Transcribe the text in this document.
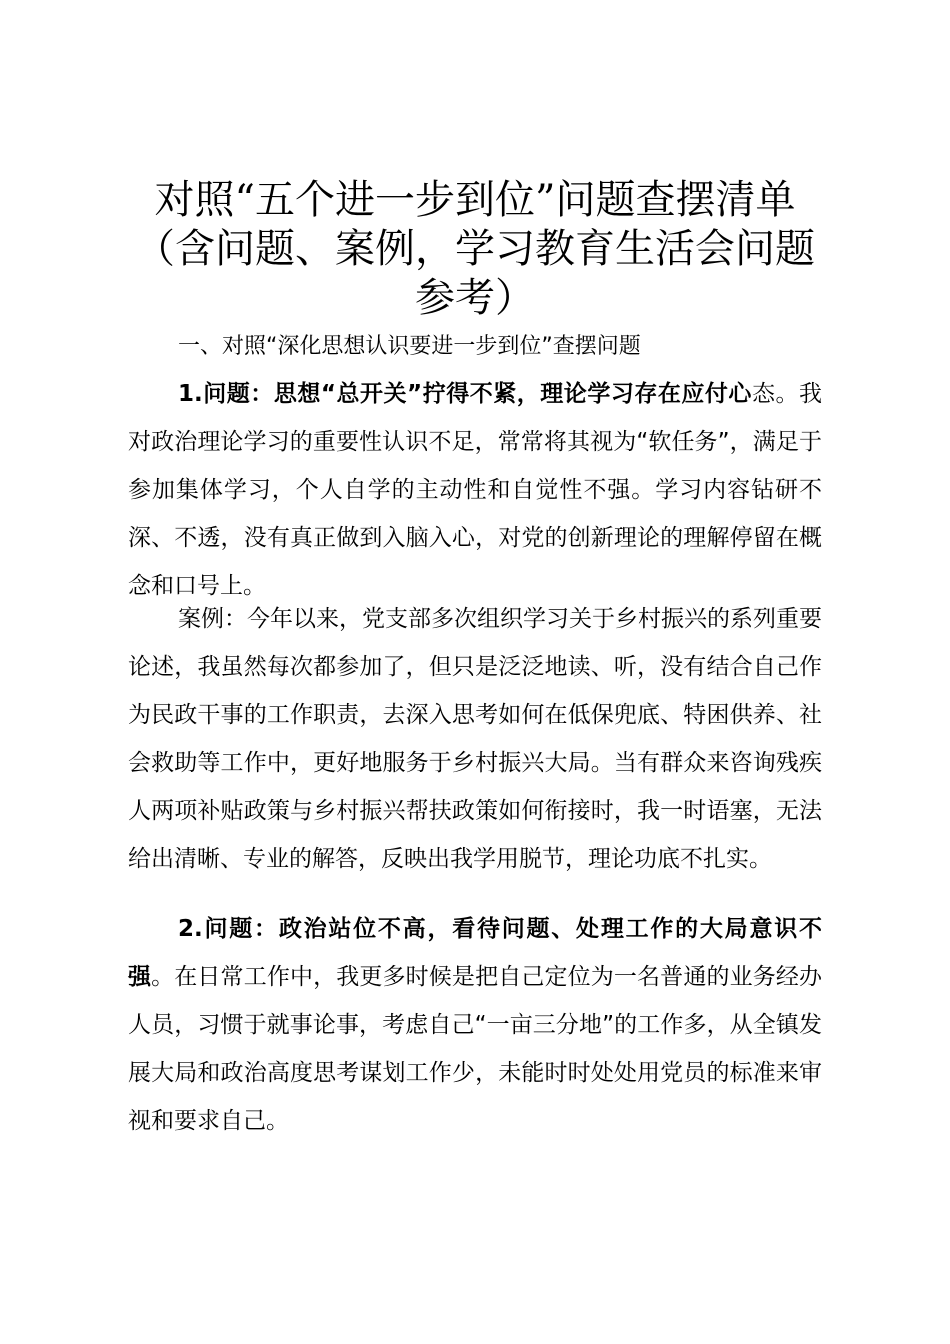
对照“五个进一步到位”问题查摆清单
（含问题、案例，学习教育生活会问题
参考）
一、对照“深化思想认识要进一步到位”查摆问题

1.问题：思想“总开关”拧得不紧，理论学习存在应付心态。我对政治理论学习的重要性认识不足，常常将其视为“软任务”，满足于参加集体学习，个人自学的主动性和自觉性不强。学习内容钻研不深、不透，没有真正做到入脑入心，对党的创新理论的理解停留在概念和口号上。

案例：今年以来，党支部多次组织学习关于乡村振兴的系列重要论述，我虽然每次都参加了，但只是泛泛地读、听，没有结合自己作为民政干事的工作职责，去深入思考如何在低保兜底、特困供养、社会救助等工作中，更好地服务于乡村振兴大局。当有群众来咨询残疾人两项补贴政策与乡村振兴帮扶政策如何衔接时，我一时语塞，无法给出清晰、专业的解答，反映出我学用脱节，理论功底不扎实。

2.问题：政治站位不高，看待问题、处理工作的大局意识不强。在日常工作中，我更多时候是把自己定位为一名普通的业务经办人员，习惯于就事论事，考虑自己“一亩三分地”的工作多，从全镇发展大局和政治高度思考谋划工作少，未能时时处处用党员的标准来审视和要求自己。
